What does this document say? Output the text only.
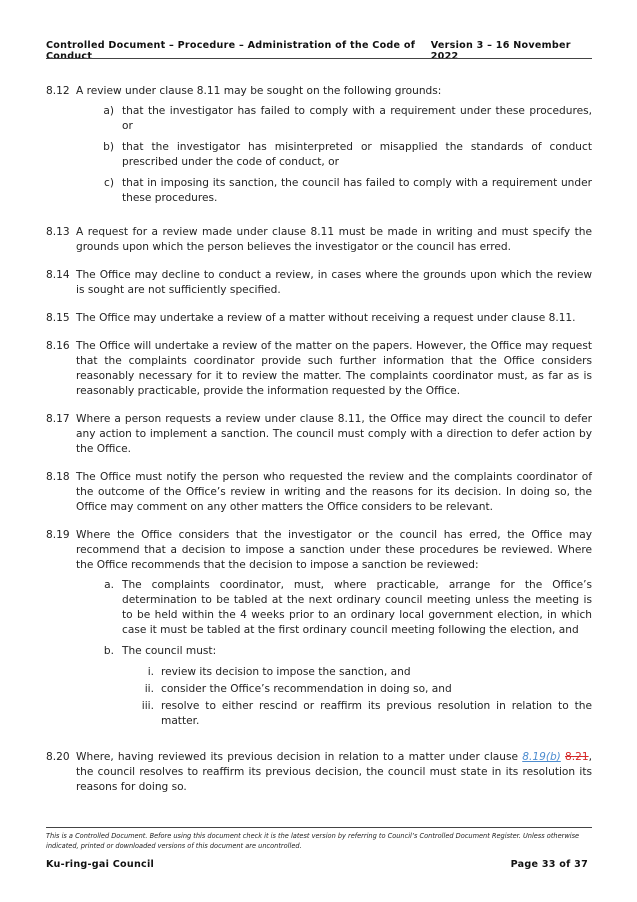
Controlled Document – Procedure – Administration of the Code of Conduct
Version 3 – 16 November 2022
8.12 A review under clause 8.11 may be sought on the following grounds:
a) that the investigator has failed to comply with a requirement under these procedures, or
b) that the investigator has misinterpreted or misapplied the standards of conduct prescribed under the code of conduct, or
c) that in imposing its sanction, the council has failed to comply with a requirement under these procedures.
8.13 A request for a review made under clause 8.11 must be made in writing and must specify the grounds upon which the person believes the investigator or the council has erred.
8.14 The Office may decline to conduct a review, in cases where the grounds upon which the review is sought are not sufficiently specified.
8.15 The Office may undertake a review of a matter without receiving a request under clause 8.11.
8.16 The Office will undertake a review of the matter on the papers. However, the Office may request that the complaints coordinator provide such further information that the Office considers reasonably necessary for it to review the matter. The complaints coordinator must, as far as is reasonably practicable, provide the information requested by the Office.
8.17 Where a person requests a review under clause 8.11, the Office may direct the council to defer any action to implement a sanction. The council must comply with a direction to defer action by the Office.
8.18 The Office must notify the person who requested the review and the complaints coordinator of the outcome of the Office’s review in writing and the reasons for its decision. In doing so, the Office may comment on any other matters the Office considers to be relevant.
8.19 Where the Office considers that the investigator or the council has erred, the Office may recommend that a decision to impose a sanction under these procedures be reviewed. Where the Office recommends that the decision to impose a sanction be reviewed:
a. The complaints coordinator, must, where practicable, arrange for the Office’s determination to be tabled at the next ordinary council meeting unless the meeting is to be held within the 4 weeks prior to an ordinary local government election, in which case it must be tabled at the first ordinary council meeting following the election, and
b. The council must:
i. review its decision to impose the sanction, and
ii. consider the Office’s recommendation in doing so, and
iii. resolve to either rescind or reaffirm its previous resolution in relation to the matter.
8.20 Where, having reviewed its previous decision in relation to a matter under clause 8.19(b) 8.21, the council resolves to reaffirm its previous decision, the council must state in its resolution its reasons for doing so.
This is a Controlled Document. Before using this document check it is the latest version by referring to Council’s Controlled Document Register. Unless otherwise indicated, printed or downloaded versions of this document are uncontrolled.
Ku-ring-gai Council	Page 33 of 37
